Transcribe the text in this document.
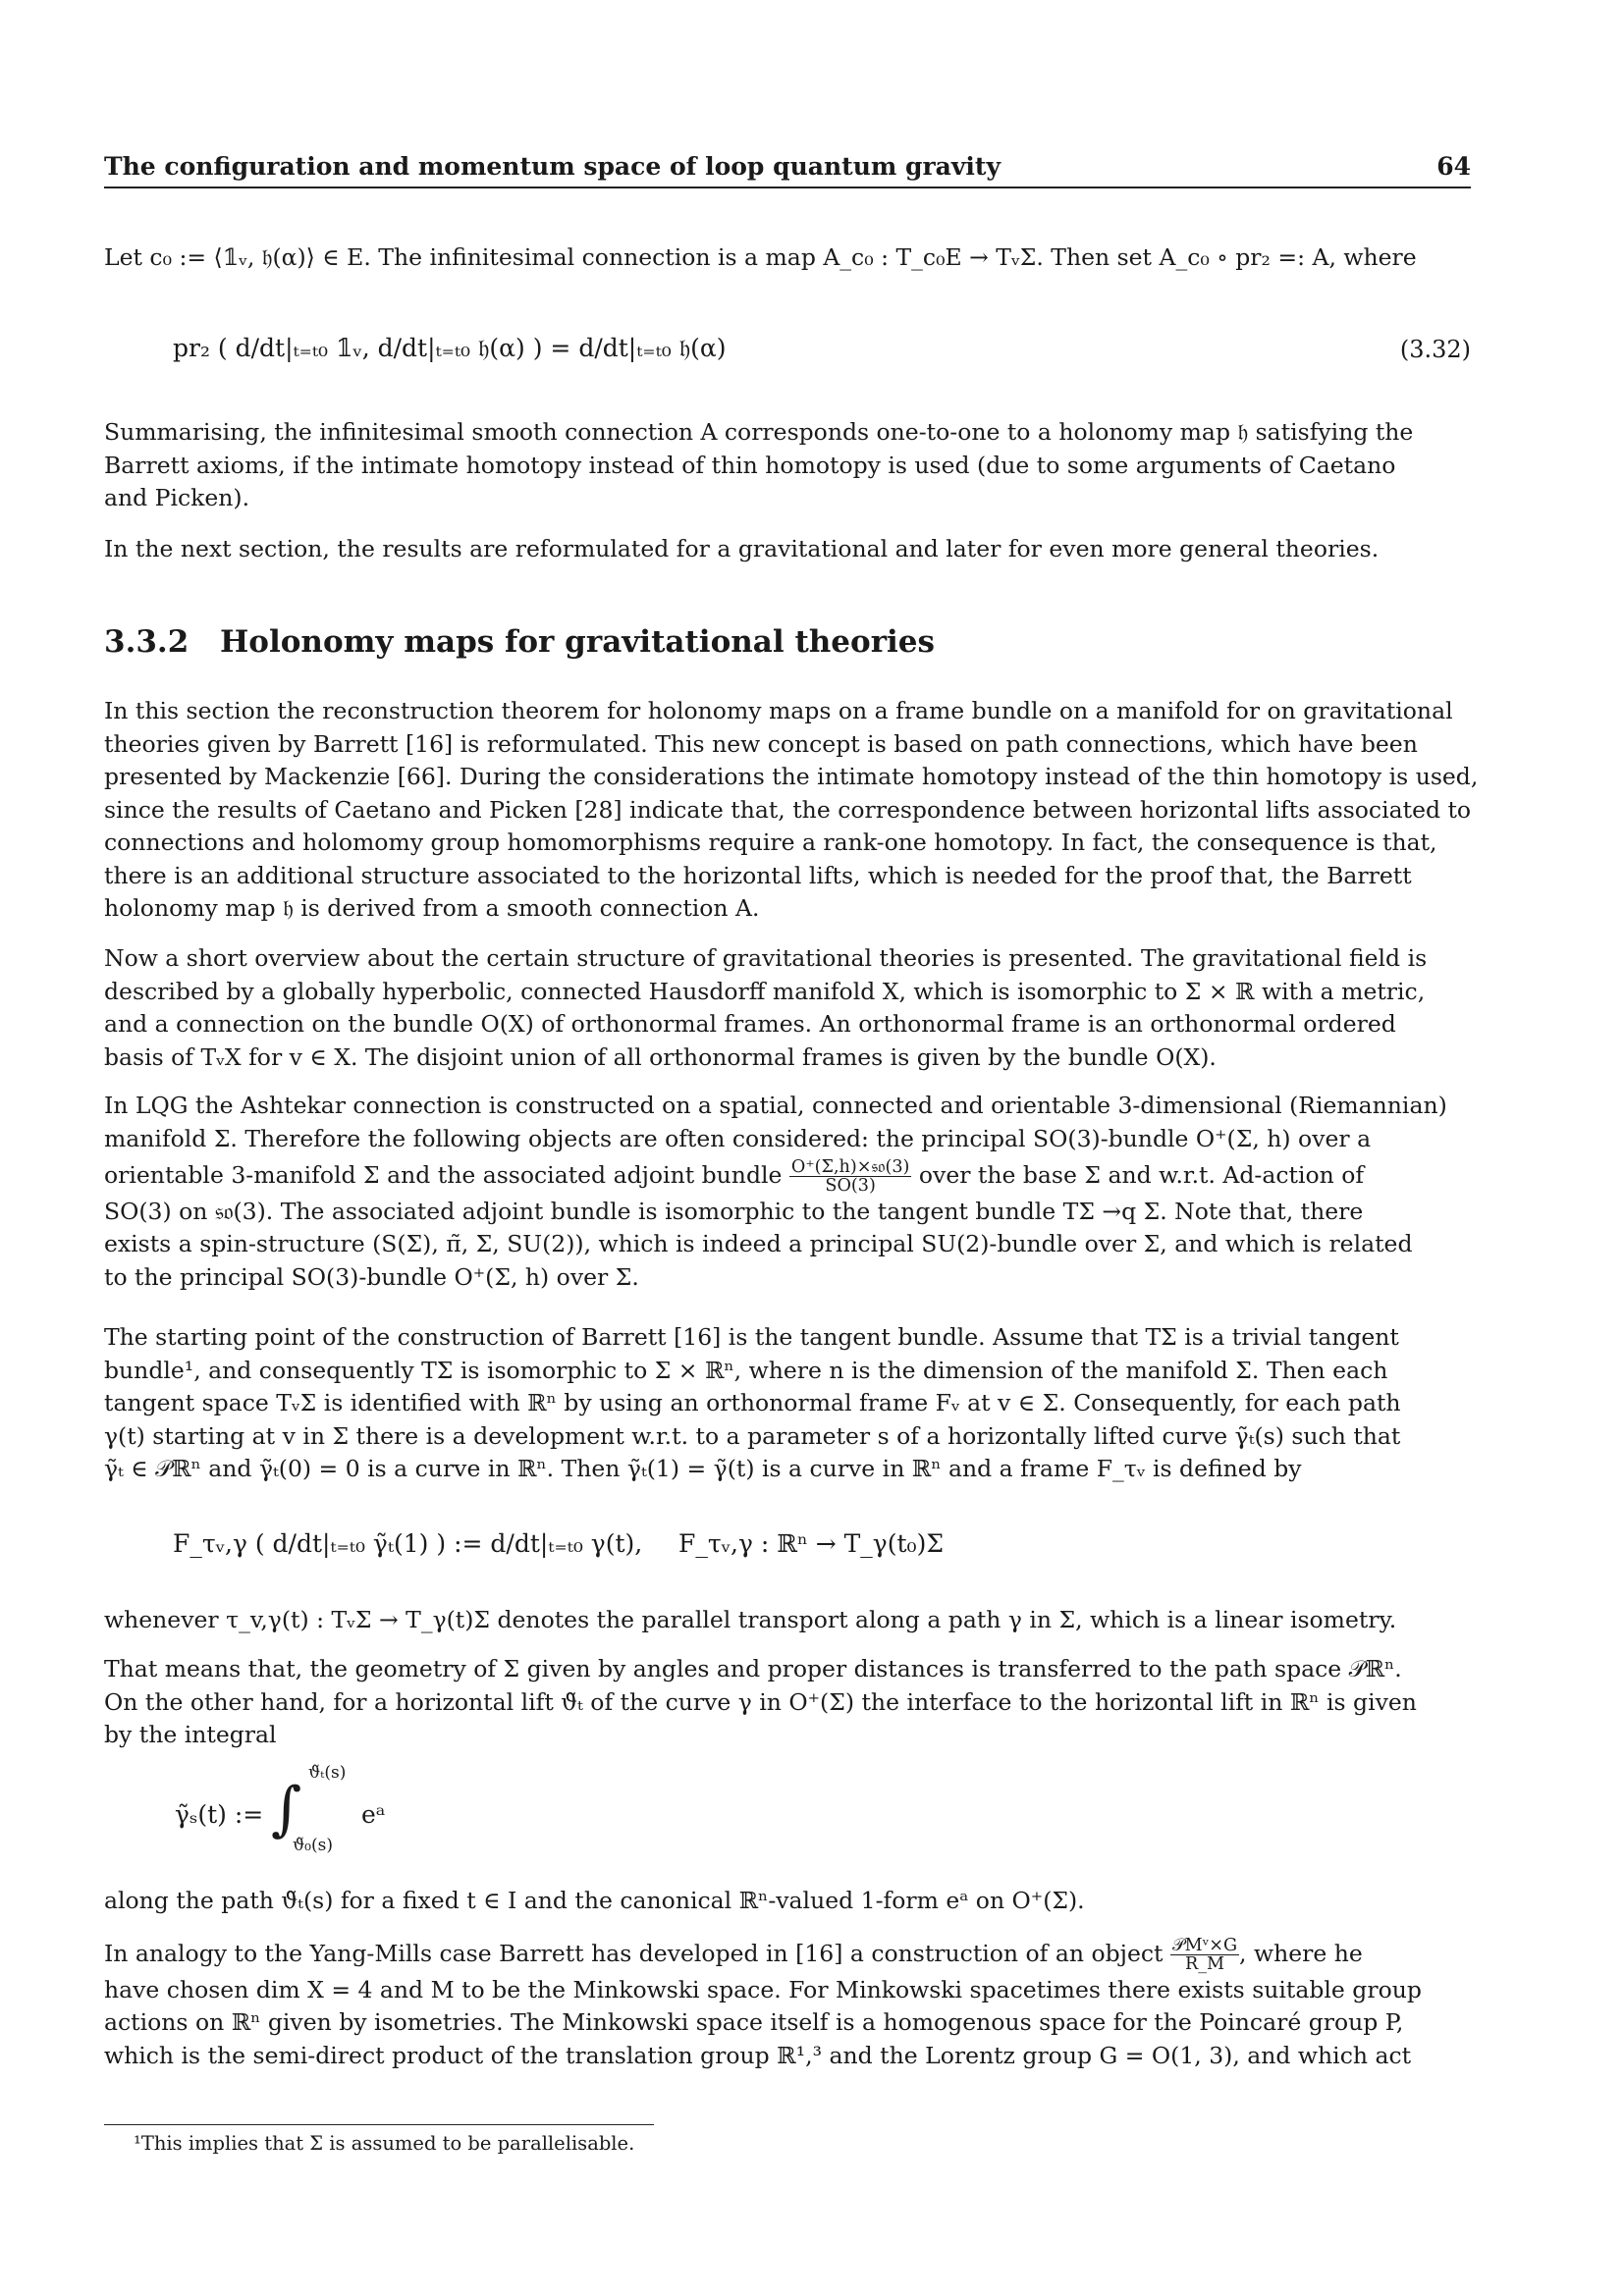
The configuration and momentum space of loop quantum gravity	64

Let c₀ := ⟨𝟙ᵥ, 𝔥(α)⟩ ∈ E. The infinitesimal connection is a map A_c₀ : T_c₀E → TᵥΣ. Then set A_c₀ ∘ pr₂ =: A, where

pr₂ ( d/dt|ₜ₌ₜ₀ 𝟙ᵥ, d/dt|ₜ₌ₜ₀ 𝔥(α) ) = d/dt|ₜ₌ₜ₀ 𝔥(α)	(3.32)

Summarising, the infinitesimal smooth connection A corresponds one-to-one to a holonomy map 𝔥 satisfying the
Barrett axioms, if the intimate homotopy instead of thin homotopy is used (due to some arguments of Caetano
and Picken).

In the next section, the results are reformulated for a gravitational and later for even more general theories.

3.3.2 Holonomy maps for gravitational theories

In this section the reconstruction theorem for holonomy maps on a frame bundle on a manifold for on gravitational
theories given by Barrett [16] is reformulated. This new concept is based on path connections, which have been
presented by Mackenzie [66]. During the considerations the intimate homotopy instead of the thin homotopy is used,
since the results of Caetano and Picken [28] indicate that, the correspondence between horizontal lifts associated to
connections and holomomy group homomorphisms require a rank-one homotopy. In fact, the consequence is that,
there is an additional structure associated to the horizontal lifts, which is needed for the proof that, the Barrett
holonomy map 𝔥 is derived from a smooth connection A.

Now a short overview about the certain structure of gravitational theories is presented. The gravitational field is
described by a globally hyperbolic, connected Hausdorff manifold X, which is isomorphic to Σ × ℝ with a metric,
and a connection on the bundle O(X) of orthonormal frames. An orthonormal frame is an orthonormal ordered
basis of TᵥX for v ∈ X. The disjoint union of all orthonormal frames is given by the bundle O(X).

In LQG the Ashtekar connection is constructed on a spatial, connected and orientable 3-dimensional (Riemannian)
manifold Σ. Therefore the following objects are often considered: the principal SO(3)-bundle O⁺(Σ, h) over a
orientable 3-manifold Σ and the associated adjoint bundle $\frac{\text{O⁺(Σ,h)×𝔰𝔬(3)}}{SO(3)}$ over the base Σ and w.r.t. Ad-action of
SO(3) on 𝔰𝔬(3). The associated adjoint bundle is isomorphic to the tangent bundle TΣ →q Σ. Note that, there
exists a spin-structure (S(Σ), π̃, Σ, SU(2)), which is indeed a principal SU(2)-bundle over Σ, and which is related
to the principal SO(3)-bundle O⁺(Σ, h) over Σ.

The starting point of the construction of Barrett [16] is the tangent bundle. Assume that TΣ is a trivial tangent
bundle¹, and consequently TΣ is isomorphic to Σ × ℝⁿ, where n is the dimension of the manifold Σ. Then each
tangent space TᵥΣ is identified with ℝⁿ by using an orthonormal frame Fᵥ at v ∈ Σ. Consequently, for each path
γ(t) starting at v in Σ there is a development w.r.t. to a parameter s of a horizontally lifted curve γ̃ₜ(s) such that
γ̃ₜ ∈ 𝒫ℝⁿ and γ̃ₜ(0) = 0 is a curve in ℝⁿ. Then γ̃ₜ(1) = γ̃(t) is a curve in ℝⁿ and a frame F_τᵥ is defined by

F_τᵥ,γ ( d/dt|ₜ₌ₜ₀ γ̃ₜ(1) ) := d/dt|ₜ₌ₜ₀ γ(t), F_τᵥ,γ : ℝⁿ → T_γ(t₀)Σ

whenever τ_v,γ(t) : TᵥΣ → T_γ(t)Σ denotes the parallel transport along a path γ in Σ, which is a linear isometry.

That means that, the geometry of Σ given by angles and proper distances is transferred to the path space 𝒫ℝⁿ.
On the other hand, for a horizontal lift ϑ̃ₜ of the curve γ in O⁺(Σ) the interface to the horizontal lift in ℝⁿ is given
by the integral

γ̃ₛ(t) := ∫
ϑ̃ₜ(s)
ϑ̃₀(s)
eᵃ

along the path ϑ̃ₜ(s) for a fixed t ∈ I and the canonical ℝⁿ-valued 1-form eᵃ on O⁺(Σ).

In analogy to the Yang-Mills case Barrett has developed in [16] a construction of an object $\frac{\text{𝒫Mᵛ×G}}{R\_M}$ , where he
have chosen dim X = 4 and M to be the Minkowski space. For Minkowski spacetimes there exists suitable group
actions on ℝⁿ given by isometries. The Minkowski space itself is a homogenous space for the Poincaré group P,
which is the semi-direct product of the translation group ℝ¹,³ and the Lorentz group G = O(1, 3), and which act

¹This implies that Σ is assumed to be parallelisable.
